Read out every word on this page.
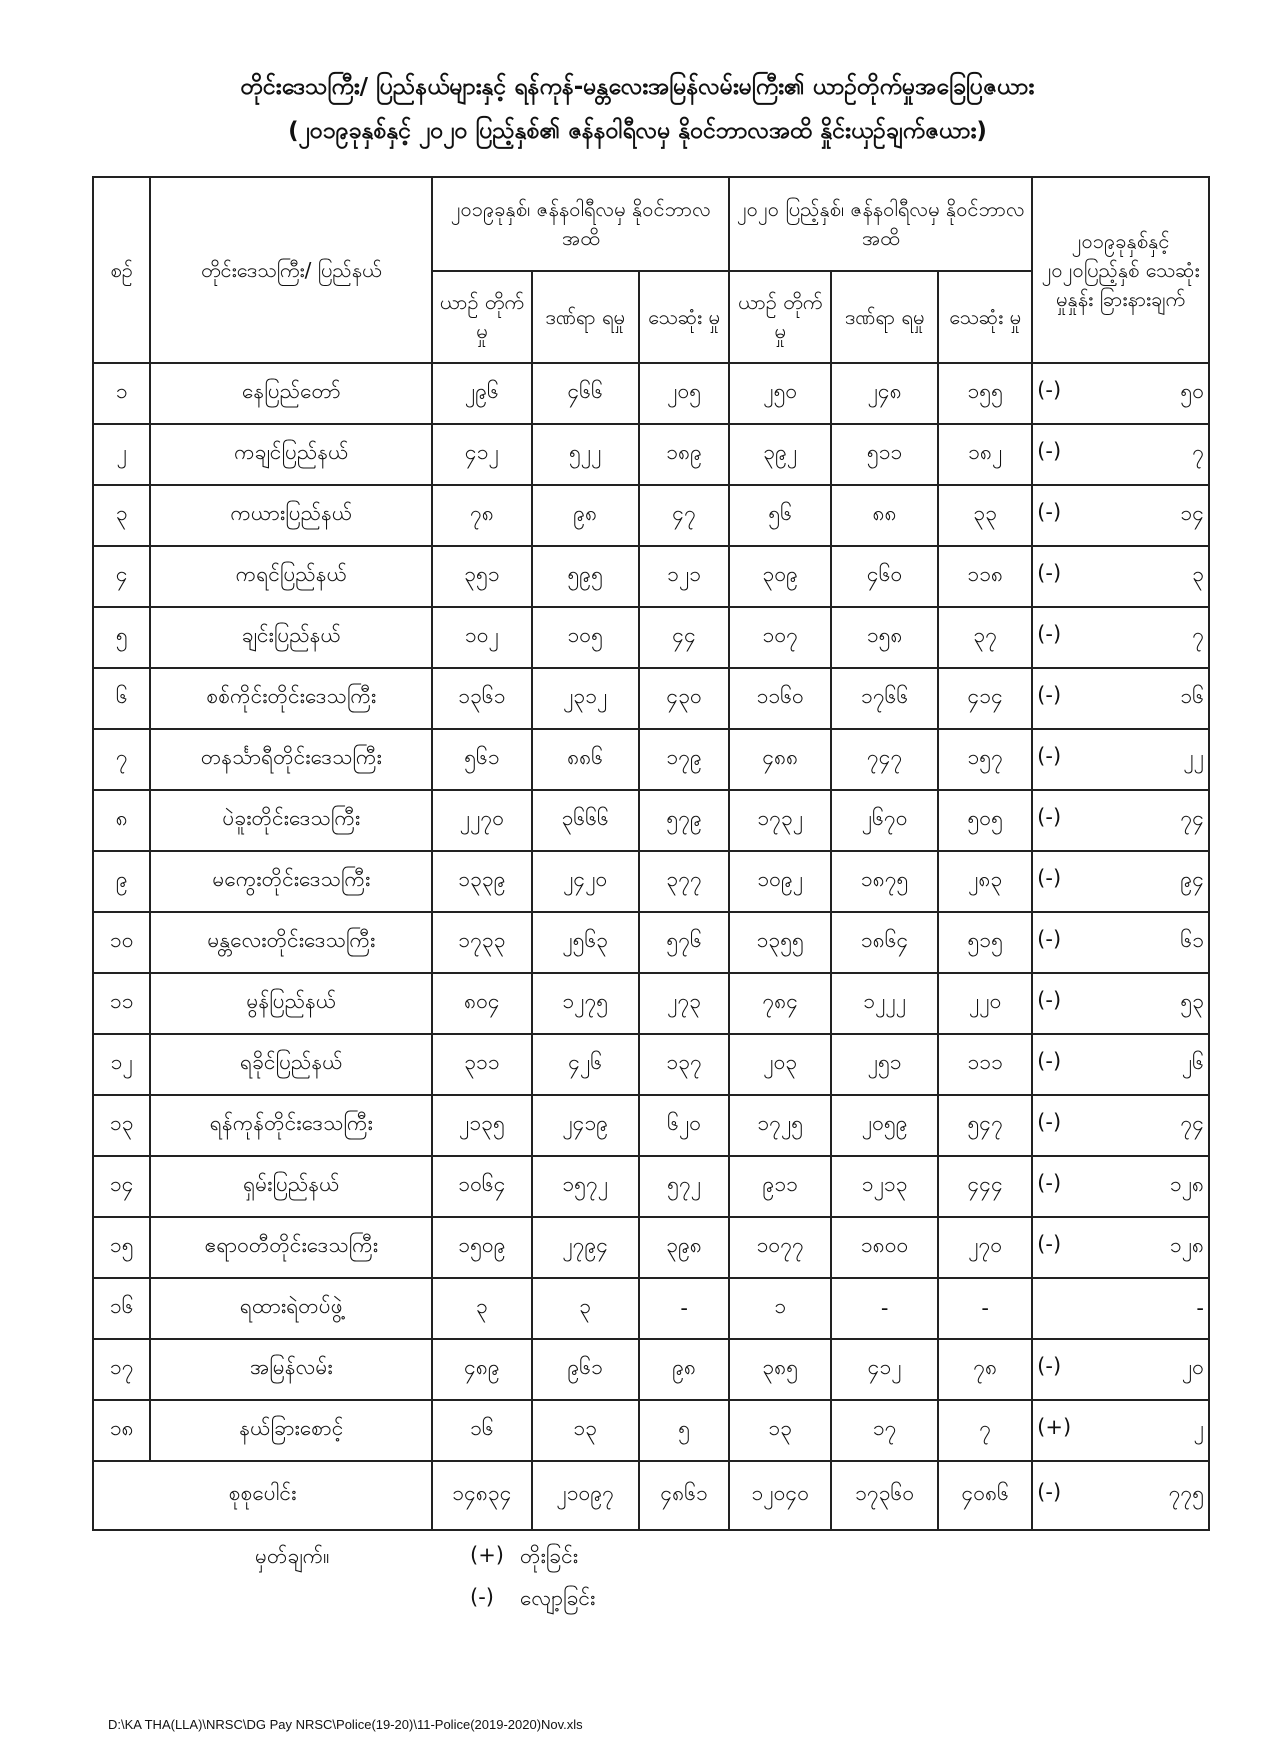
တိုင်းဒေသကြီး/ ပြည်နယ်များနှင့် ရန်ကုန်-မန္တလေးအမြန်လမ်းမကြီး၏ ယာဉ်တိုက်မှုအခြေပြဇယား
(၂၀၁၉ခုနှစ်နှင့် ၂၀၂၀ ပြည့်နှစ်၏ ဇန်နဝါရီလမှ နိုဝင်ဘာလအထိ နှိုင်းယှဉ်ချက်ဇယား)
စဉ်	တိုင်းဒေသကြီး/ ပြည်နယ်	၂၀၁၉ခုနှစ်၊ ဇန်နဝါရီလမှ နိုဝင်ဘာလအထိ			၂၀၂၀ ပြည့်နှစ်၊ ဇန်နဝါရီလမှ နိုဝင်ဘာလအထိ			၂၀၁၉ခုနှစ်နှင့် ၂၀၂၀ပြည့်နှစ် သေဆုံးမှုနှုန်း ခြားနားချက်
		ယာဉ် တိုက်မှု	ဒဏ်ရာ ရမှု	သေဆုံး မှု	ယာဉ် တိုက်မှု	ဒဏ်ရာ ရမှု	သေဆုံး မှု	
၁	နေပြည်တော်	၂၉၆	၄၆၆	၂၀၅	၂၅၀	၂၄၈	၁၅၅	(-) ၅၀

၂	ကချင်ပြည်နယ်	၄၁၂	၅၂၂	၁၈၉	၃၉၂	၅၁၁	၁၈၂	(-) ၇

၃	ကယားပြည်နယ်	၇၈	၉၈	၄၇	၅၆	၈၈	၃၃	(-) ၁၄

၄	ကရင်ပြည်နယ်	၃၅၁	၅၉၅	၁၂၁	၃၀၉	၄၆၀	၁၁၈	(-) ၃

၅	ချင်းပြည်နယ်	၁၀၂	၁၀၅	၄၄	၁၀၇	၁၅၈	၃၇	(-) ၇

၆	စစ်ကိုင်းတိုင်းဒေသကြီး	၁၃၆၁	၂၃၁၂	၄၃၀	၁၁၆၀	၁၇၆၆	၄၁၄	(-) ၁၆

၇	တနင်္သာရီတိုင်းဒေသကြီး	၅၆၁	၈၈၆	၁၇၉	၄၈၈	၇၄၇	၁၅၇	(-) ၂၂

၈	ပဲခူးတိုင်းဒေသကြီး	၂၂၇၀	၃၆၆၆	၅၇၉	၁၇၃၂	၂၆၇၀	၅၀၅	(-) ၇၄

၉	မကွေးတိုင်းဒေသကြီး	၁၃၃၉	၂၄၂၀	၃၇၇	၁၀၉၂	၁၈၇၅	၂၈၃	(-) ၉၄

၁၀	မန္တလေးတိုင်းဒေသကြီး	၁၇၃၃	၂၅၆၃	၅၇၆	၁၃၅၅	၁၈၆၄	၅၁၅	(-) ၆၁

၁၁	မွန်ပြည်နယ်	၈၀၄	၁၂၇၅	၂၇၃	၇၈၄	၁၂၂၂	၂၂၀	(-) ၅၃

၁၂	ရခိုင်ပြည်နယ်	၃၁၁	၄၂၆	၁၃၇	၂၀၃	၂၅၁	၁၁၁	(-) ၂၆

၁၃	ရန်ကုန်တိုင်းဒေသကြီး	၂၁၃၅	၂၄၁၉	၆၂၀	၁၇၂၅	၂၀၅၉	၅၄၇	(-) ၇၄

၁၄	ရှမ်းပြည်နယ်	၁၀၆၄	၁၅၇၂	၅၇၂	၉၁၁	၁၂၁၃	၄၄၄	(-) ၁၂၈

၁၅	ဧရာဝတီတိုင်းဒေသကြီး	၁၅၀၉	၂၇၉၄	၃၉၈	၁၀၇၇	၁၈၀၀	၂၇၀	(-) ၁၂၈

၁၆	ရထားရဲတပ်ဖွဲ့	၃	၃	-	၁	-	-	-

၁၇	အမြန်လမ်း	၄၈၉	၉၆၁	၉၈	၃၈၅	၄၁၂	၇၈	(-) ၂၀

၁၈	နယ်ခြားစောင့်	၁၆	၁၃	၅	၁၃	၁၇	၇	(+) ၂

စုစုပေါင်း		၁၄၈၃၄	၂၁၀၉၇	၄၈၆၁	၁၂၀၄၀	၁၇၃၆၀	၄၀၈၆	(-) ၇၇၅
မှတ်ချက်။	(+) တိုးခြင်း
(-) လျော့ခြင်း
D:\KA THA(LLA)\NRSC\DG Pay NRSC\Police(19-20)\11-Police(2019-2020)Nov.xls
